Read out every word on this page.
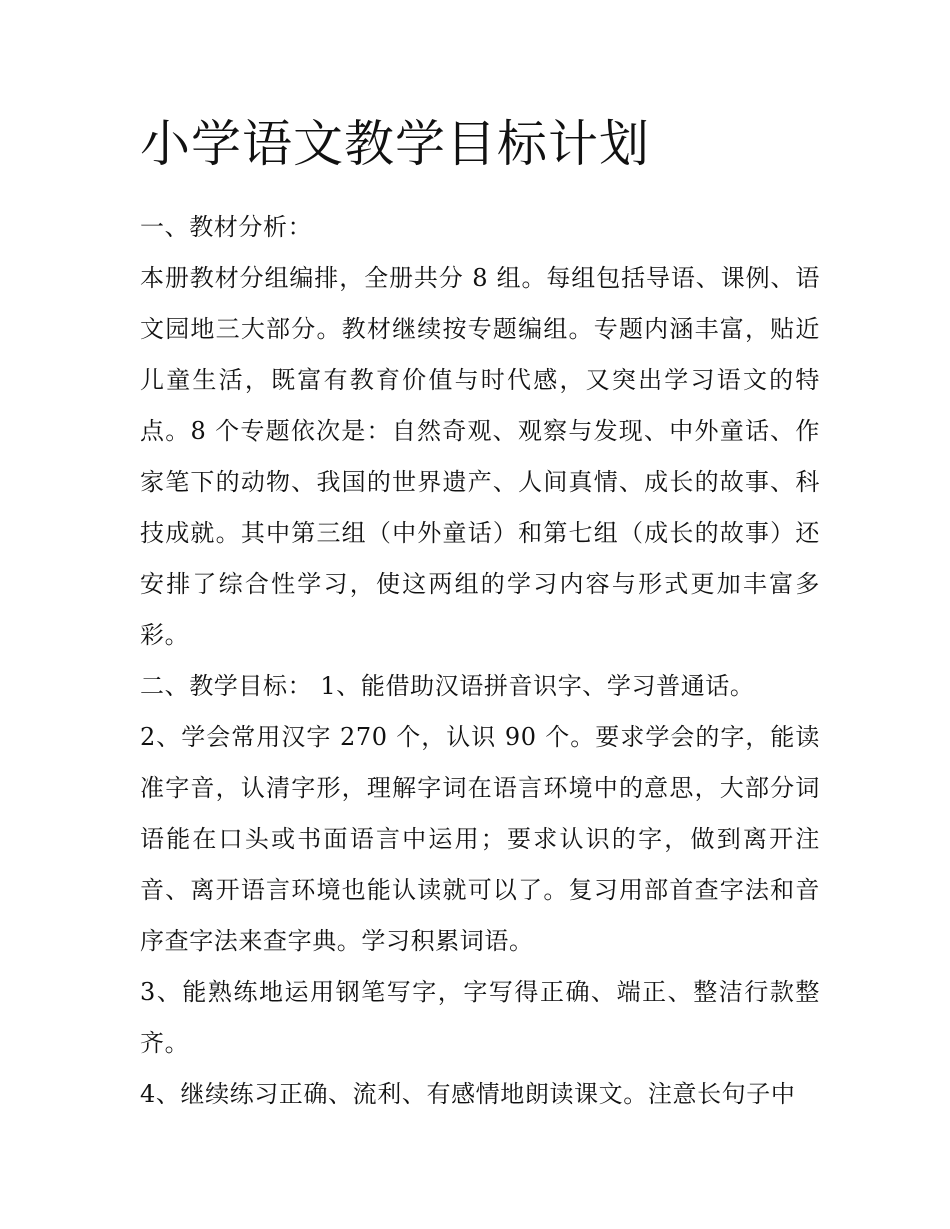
小学语文教学目标计划

一、教材分析：

本册教材分组编排，全册共分 8 组。每组包括导语、课例、语文园地三大部分。教材继续按专题编组。专题内涵丰富，贴近儿童生活，既富有教育价值与时代感，又突出学习语文的特点。8 个专题依次是：自然奇观、观察与发现、中外童话、作家笔下的动物、我国的世界遗产、人间真情、成长的故事、科技成就。其中第三组（中外童话）和第七组（成长的故事）还安排了综合性学习，使这两组的学习内容与形式更加丰富多彩。

二、教学目标： 1、能借助汉语拼音识字、学习普通话。

2、学会常用汉字 270 个，认识 90 个。要求学会的字，能读准字音，认清字形，理解字词在语言环境中的意思，大部分词语能在口头或书面语言中运用；要求认识的字，做到离开注音、离开语言环境也能认读就可以了。复习用部首查字法和音序查字法来查字典。学习积累词语。

3、能熟练地运用钢笔写字，字写得正确、端正、整洁行款整齐。

4、继续练习正确、流利、有感情地朗读课文。注意长句子中
